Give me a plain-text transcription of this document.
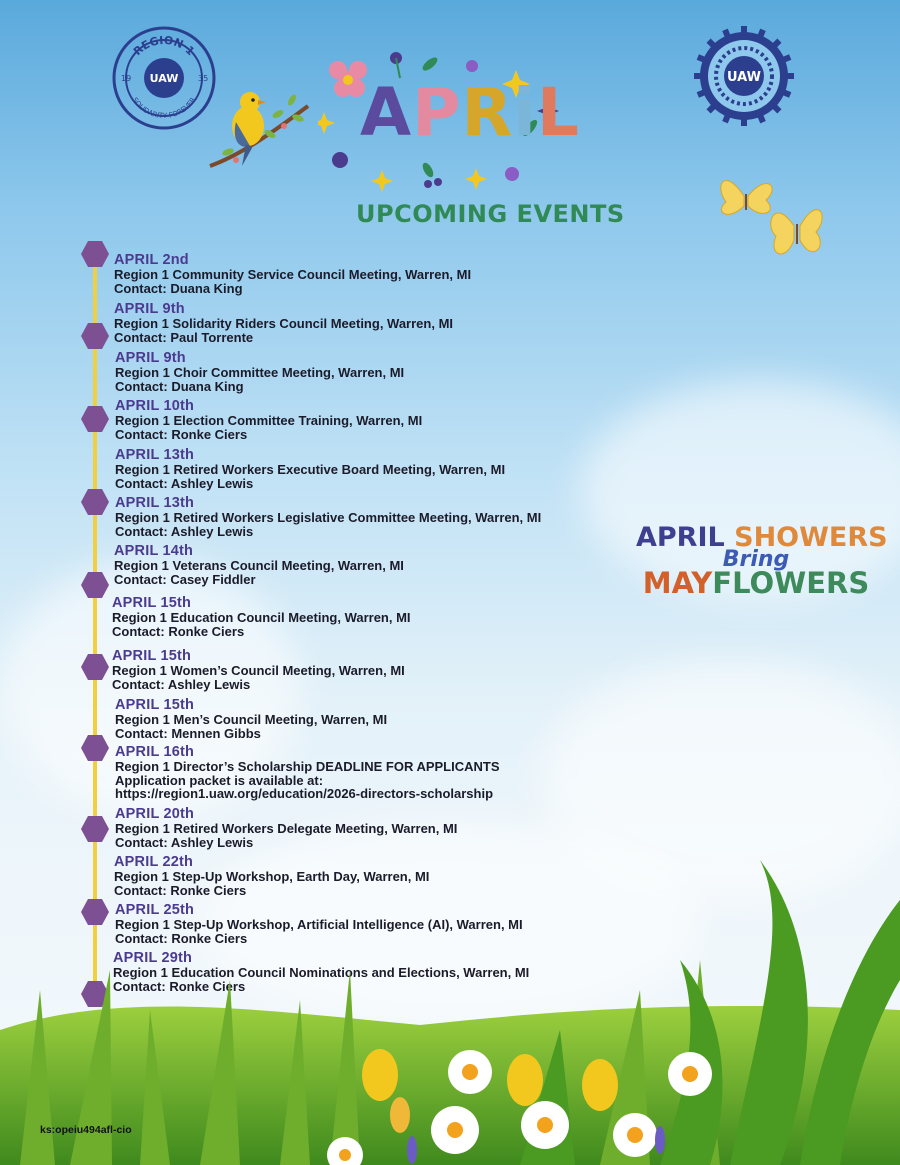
REGION 1
SOLIDARITY FOREVER
UAW
19	35	UAW
APRiL
UPCOMING EVENTS
APRIL 2nd
Region 1 Community Service Council Meeting, Warren, MI
Contact: Duana King
APRIL 9th
Region 1 Solidarity Riders Council Meeting, Warren, MI
Contact: Paul Torrente
APRIL 9th
Region 1 Choir Committee Meeting, Warren, MI
Contact: Duana King
APRIL 10th
Region 1 Election Committee Training, Warren, MI
Contact: Ronke Ciers
APRIL 13th
Region 1 Retired Workers Executive Board Meeting, Warren, MI
Contact: Ashley Lewis
APRIL 13th
Region 1 Retired Workers Legislative Committee Meeting, Warren, MI
Contact: Ashley Lewis
APRIL 14th
Region 1 Veterans Council Meeting, Warren, MI
Contact: Casey Fiddler
APRIL 15th
Region 1 Education Council Meeting, Warren, MI
Contact: Ronke Ciers
APRIL 15th
Region 1 Women’s Council Meeting, Warren, MI
Contact: Ashley Lewis
APRIL 15th
Region 1 Men’s Council Meeting, Warren, MI
Contact: Mennen Gibbs
APRIL 16th
Region 1 Director’s Scholarship DEADLINE FOR APPLICANTS
Application packet is available at:
https://region1.uaw.org/education/2026-directors-scholarship
APRIL 20th
Region 1 Retired Workers Delegate Meeting, Warren, MI
Contact: Ashley Lewis
APRIL 22th
Region 1 Step-Up Workshop, Earth Day, Warren, MI
Contact: Ronke Ciers
APRIL 25th
Region 1 Step-Up Workshop, Artificial Intelligence (AI), Warren, MI
Contact: Ronke Ciers
APRIL 29th
Region 1 Education Council Nominations and Elections, Warren, MI
Contact: Ronke Ciers
APRIL SHOWERS
Bring
MAYFLOWERS
ks:opeiu494afl-cio
